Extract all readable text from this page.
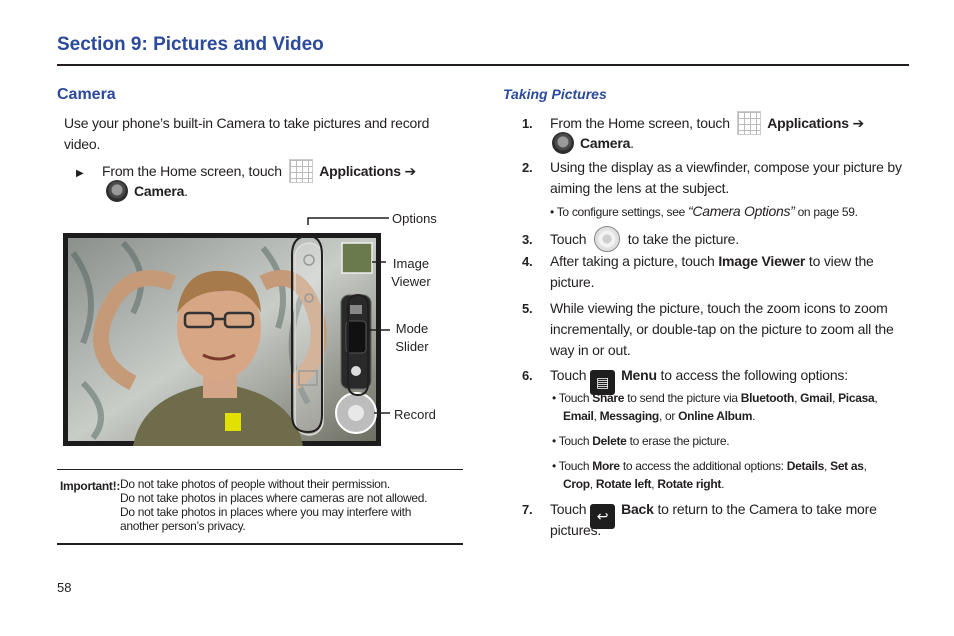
Section 9: Pictures and Video
Camera
Use your phone’s built-in Camera to take pictures and record video.
▶ From the Home screen, touch	Applications ➔
Camera.
Options
Image
Viewer
Mode
Slider
Record
Important!: Do not take photos of people without their permission.
Do not take photos in places where cameras are not allowed.
Do not take photos in places where you may interfere with
another person’s privacy.
Taking Pictures
1. From the Home screen, touch	Applications ➔
Camera.
2. Using the display as a viewfinder, compose your picture by
aiming the lens at the subject.
• To configure settings, see “Camera Options” on page 59.
3. Touch	to take the picture.
4. After taking a picture, touch Image Viewer to view the
picture.
5. While viewing the picture, touch the zoom icons to zoom
incrementally, or double-tap on the picture to zoom all the
way in or out.
6. Touch ▤ Menu to access the following options:
• Touch Share to send the picture via Bluetooth, Gmail, Picasa,
Email, Messaging, or Online Album.
• Touch Delete to erase the picture.
• Touch More to access the additional options: Details, Set as,
Crop, Rotate left, Rotate right.
7. Touch ↩ Back to return to the Camera to take more
pictures.
58
